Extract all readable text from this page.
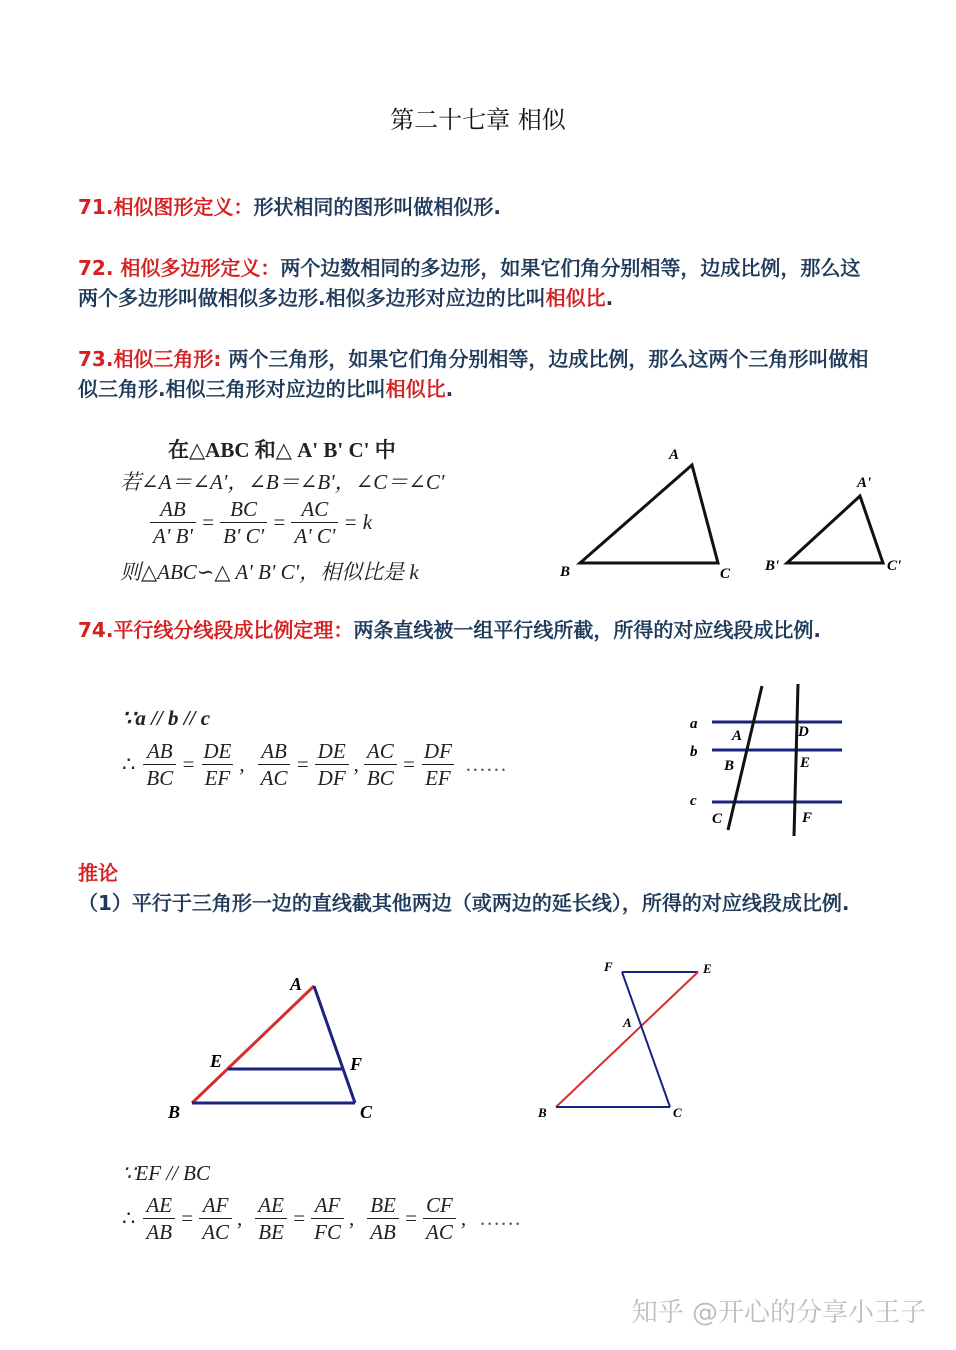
第二十七章 相似
71.相似图形定义：形状相同的图形叫做相似形.
72. 相似多边形定义：两个边数相同的多边形，如果它们角分别相等，边成比例，那么这两个多边形叫做相似多边形.相似多边形对应边的比叫相似比.
73.相似三角形: 两个三角形，如果它们角分别相等，边成比例，那么这两个三角形叫做相似三角形.相似三角形对应边的比叫相似比.
在△ABC 和△ A' B' C' 中
若∠A＝∠A'，∠B＝∠B'，∠C＝∠C'
$\frac{AB}{A' B'} = \frac{BC}{B' C'} = \frac{AC}{A' C'} = k$
则△ABC∽△ A' B' C'，相似比是 k
A
B	C
A'
B'	C'
74.平行线分线段成比例定理：两条直线被一组平行线所截，所得的对应线段成比例.
∵a // b // c
∴ $\frac{AB}{BC} = \frac{DE}{EF}$ , $\frac{AB}{AC} = \frac{DE}{DF}$ , $\frac{AC}{BC} = \frac{DF}{EF}$ ……
a
b
c
A	D
B	E
C	F
推论
（1）平行于三角形一边的直线截其他两边（或两边的延长线），所得的对应线段成比例.
A
B	C
E	F
F	E
A
B	C
∵EF // BC
∴ $\frac{AE}{AB} = \frac{AF}{AC}$ , $\frac{AE}{BE} = \frac{AF}{FC}$ , $\frac{BE}{AB} = \frac{CF}{AC}$ , ……
知乎 @开心的分享小王子
